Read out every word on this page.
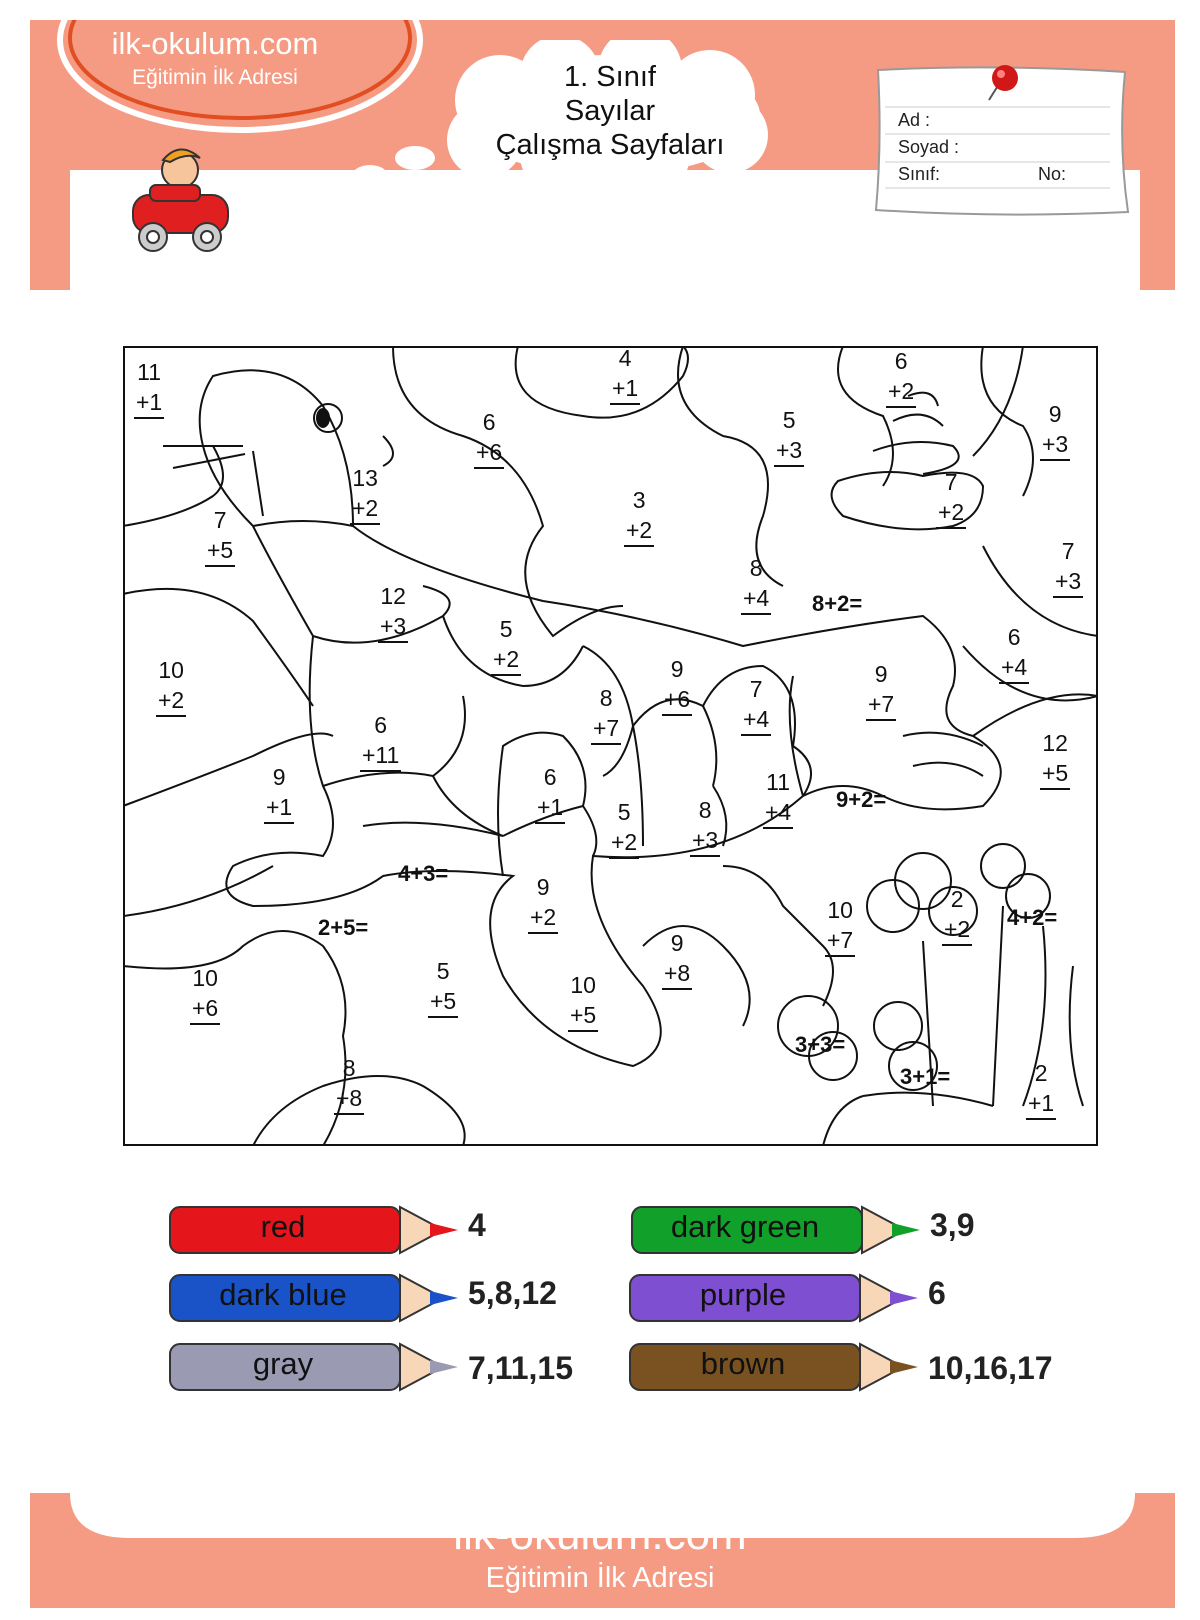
ilk-okulum.com
Eğitimin İlk Adresi	1. Sınıf
Sayılar
Çalışma Sayfaları
Ad :
Soyad :
Sınıf:	No:
11
+1
4
+1
6
+2
9
+3
6
+6
5
+3
13
+2	3
+2
7
+2
7
+5	7
+3
8
+4
12
+3	5
+2
6
+4
10
+2
9
+6
9
+7
8
+7
7
+4
6
+11	12
+5
9
+1
6
+1
11
+4
5
+2
8
+3
9
+2	10
+7
2
+2
10
+6
5
+5
9
+8
10
+5
8
+8
2
+1
8+2=
9+2=
4+3=
2+5=	4+2=
3+3=
3+1=
red	4	dark green	3,9
dark blue	5,8,12	purple	6
gray	7,11,15	brown	10,16,17
ilk-okulum.com
Eğitimin İlk Adresi
